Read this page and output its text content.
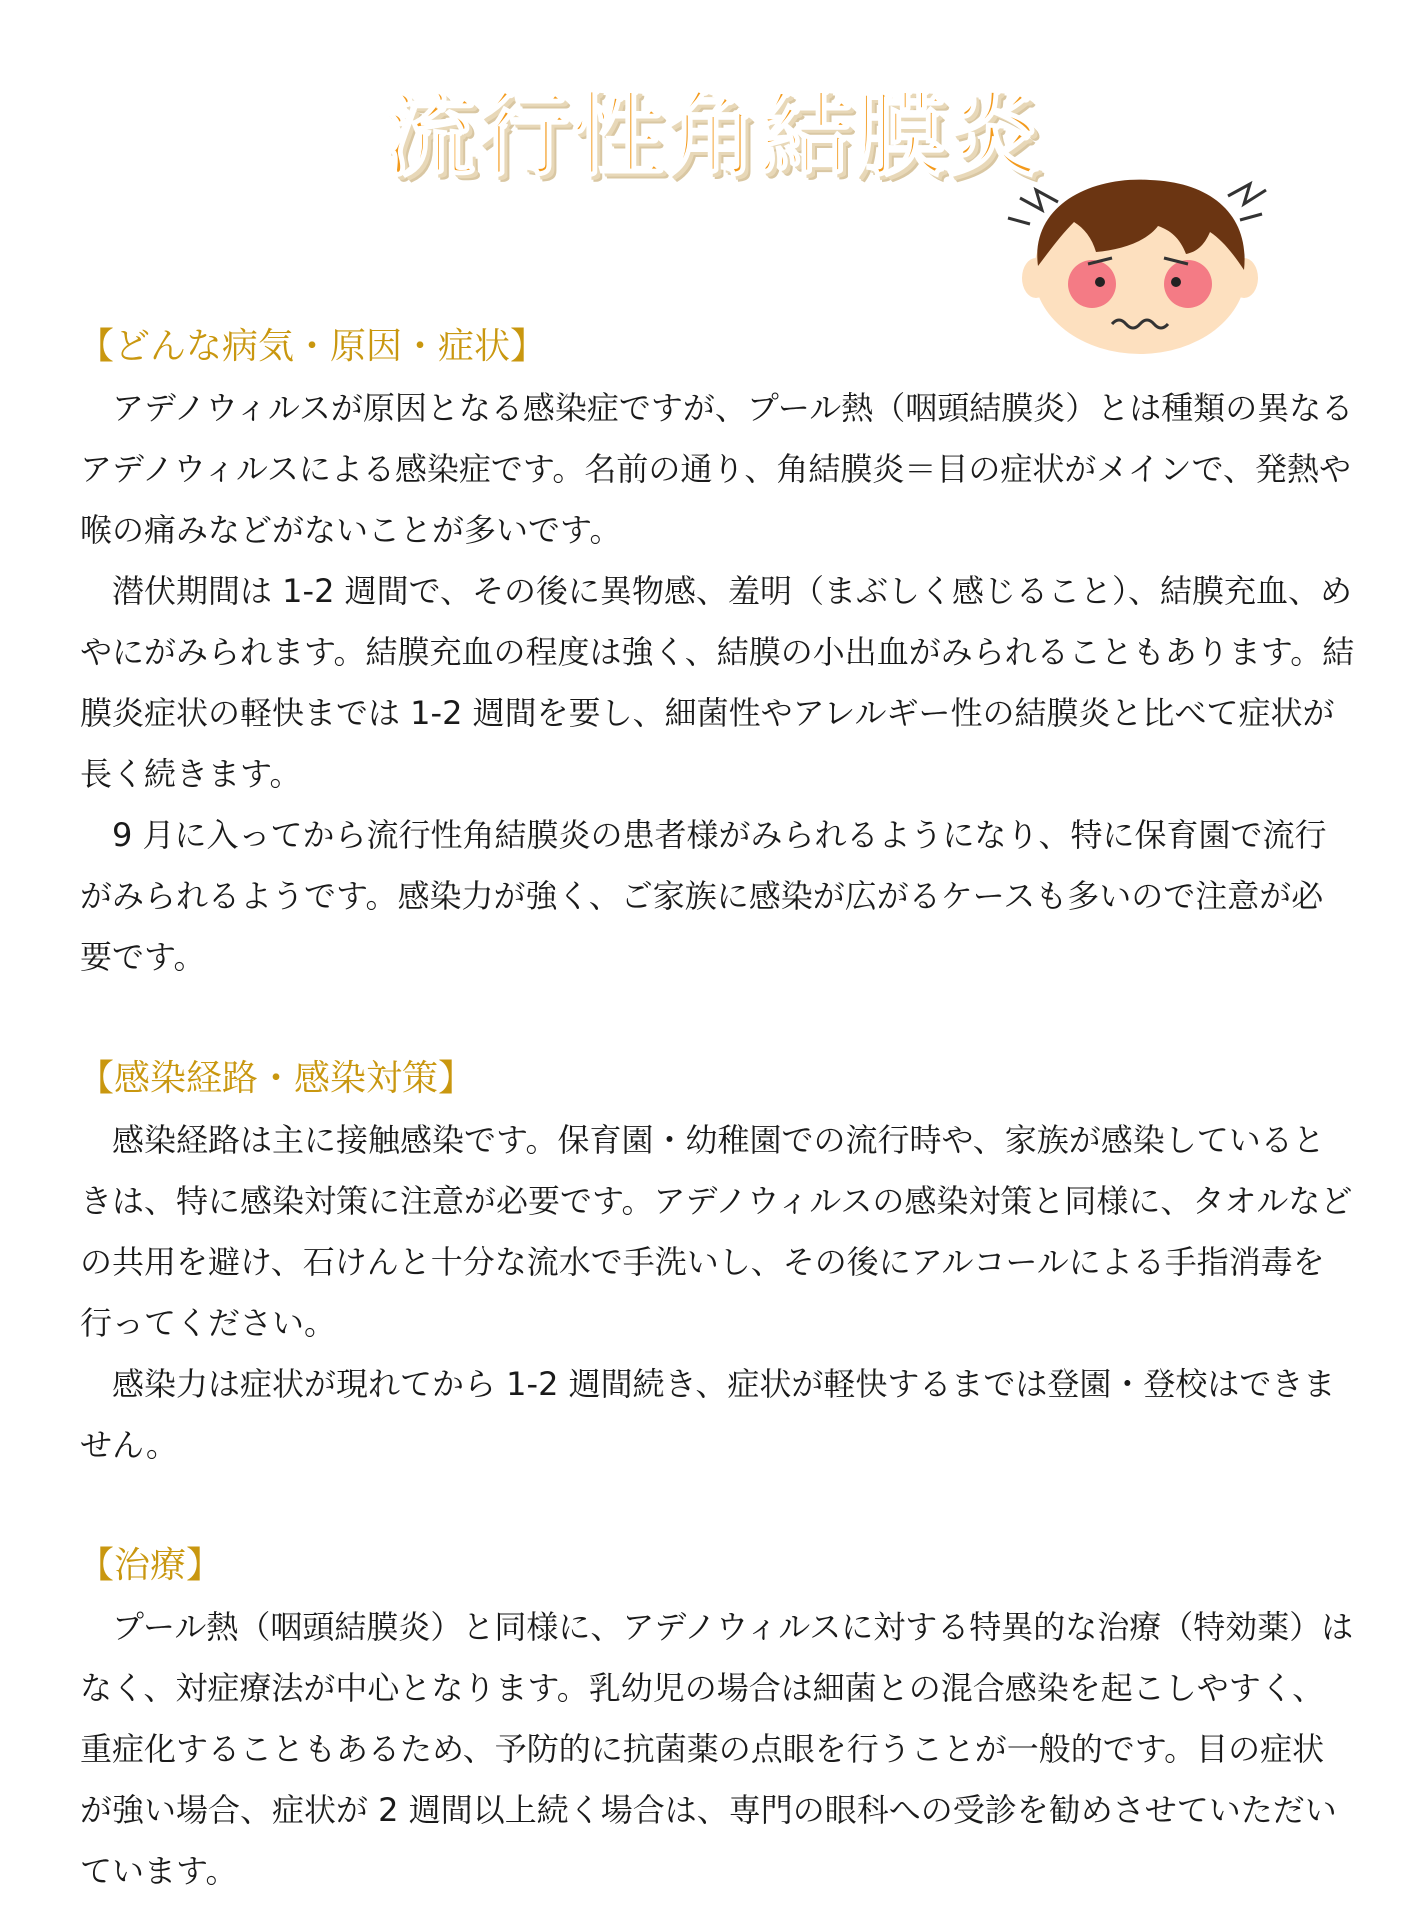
流行性角結膜炎
【どんな病気・原因・症状】

アデノウィルスが原因となる感染症ですが、プール熱（咽頭結膜炎）とは種類の異なるアデノウィルスによる感染症です。名前の通り、角結膜炎＝目の症状がメインで、発熱や喉の痛みなどがないことが多いです。

潜伏期間は 1-2 週間で、その後に異物感、羞明（まぶしく感じること）、結膜充血、めやにがみられます。結膜充血の程度は強く、結膜の小出血がみられることもあります。結膜炎症状の軽快までは 1-2 週間を要し、細菌性やアレルギー性の結膜炎と比べて症状が長く続きます。

9 月に入ってから流行性角結膜炎の患者様がみられるようになり、特に保育園で流行がみられるようです。感染力が強く、ご家族に感染が広がるケースも多いので注意が必要です。

【感染経路・感染対策】

感染経路は主に接触感染です。保育園・幼稚園での流行時や、家族が感染しているときは、特に感染対策に注意が必要です。アデノウィルスの感染対策と同様に、タオルなどの共用を避け、石けんと十分な流水で手洗いし、その後にアルコールによる手指消毒を行ってください。

感染力は症状が現れてから 1-2 週間続き、症状が軽快するまでは登園・登校はできません。

【治療】

プール熱（咽頭結膜炎）と同様に、アデノウィルスに対する特異的な治療（特効薬）はなく、対症療法が中心となります。乳幼児の場合は細菌との混合感染を起こしやすく、重症化することもあるため、予防的に抗菌薬の点眼を行うことが一般的です。目の症状が強い場合、症状が 2 週間以上続く場合は、専門の眼科への受診を勧めさせていただいています。
